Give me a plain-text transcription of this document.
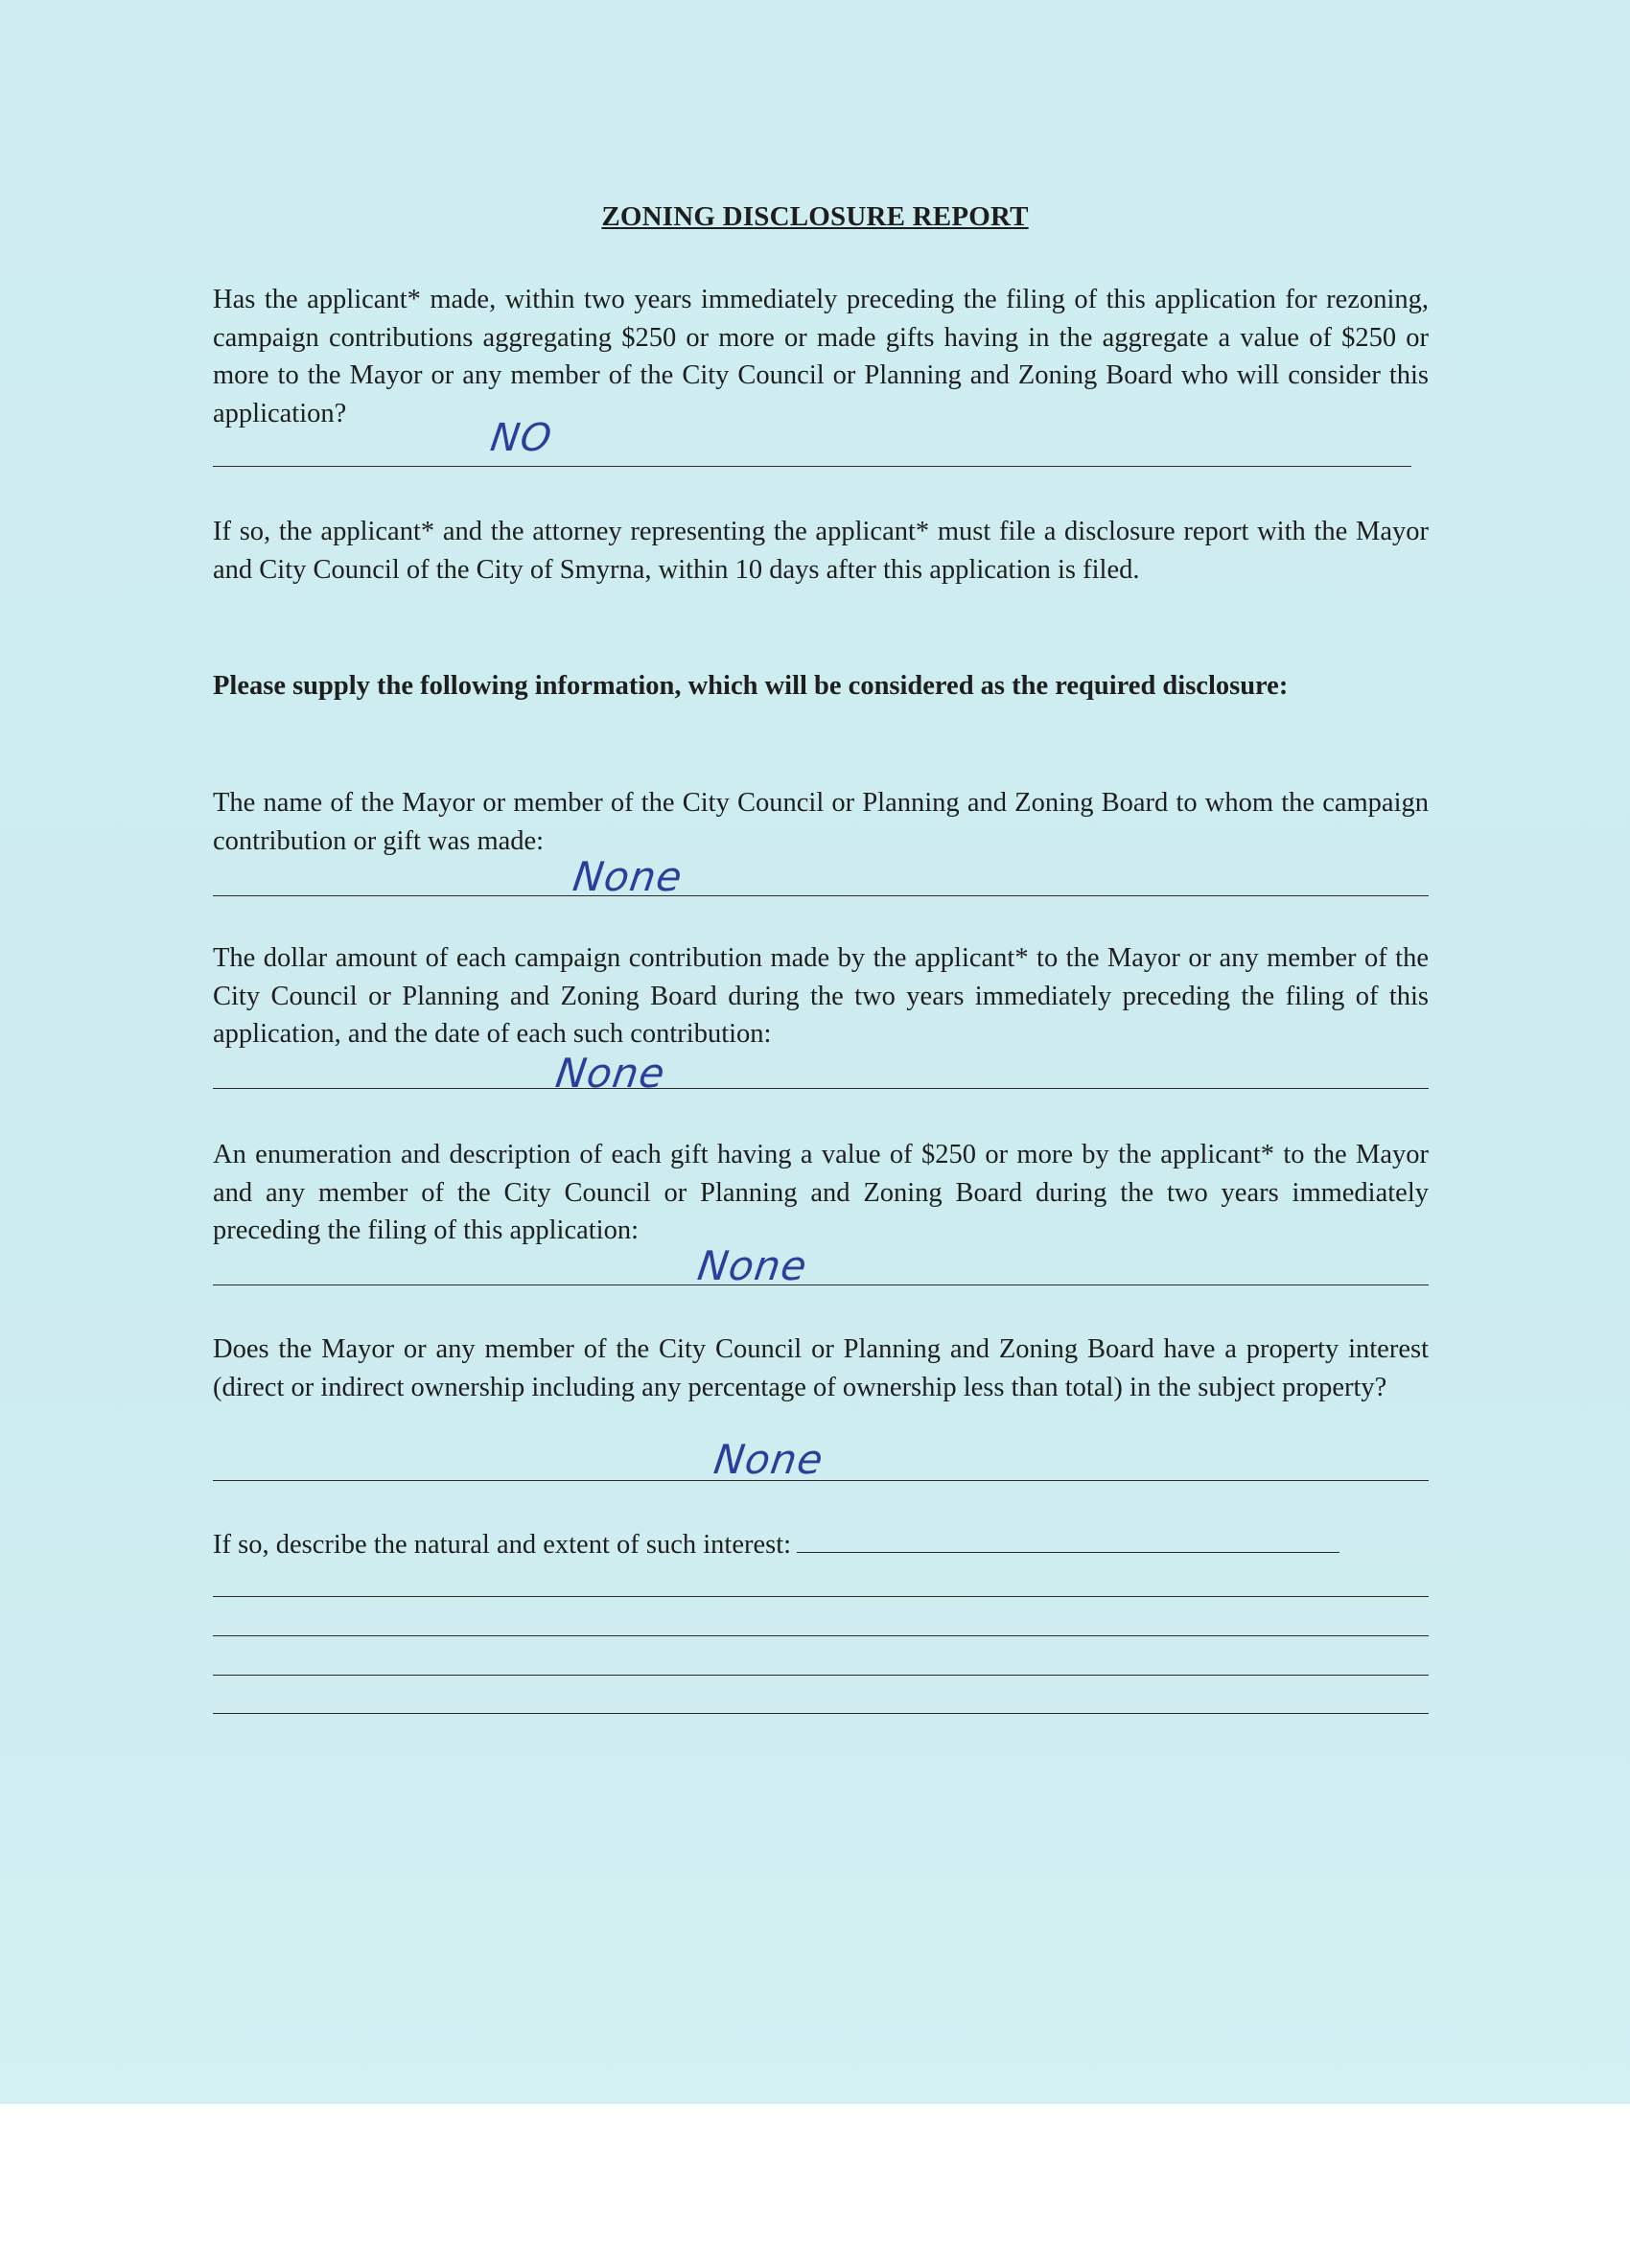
ZONING DISCLOSURE REPORT
Has the applicant* made, within two years immediately preceding the filing of this application for rezoning, campaign contributions aggregating $250 or more or made gifts having in the aggregate a value of $250 or more to the Mayor or any member of the City Council or Planning and Zoning Board who will consider this application?
NO
If so, the applicant* and the attorney representing the applicant* must file a disclosure report with the Mayor and City Council of the City of Smyrna, within 10 days after this application is filed.
Please supply the following information, which will be considered as the required disclosure:
The name of the Mayor or member of the City Council or Planning and Zoning Board to whom the campaign contribution or gift was made:
None
The dollar amount of each campaign contribution made by the applicant* to the Mayor or any member of the City Council or Planning and Zoning Board during the two years immediately preceding the filing of this application, and the date of each such contribution:
None
An enumeration and description of each gift having a value of $250 or more by the applicant* to the Mayor and any member of the City Council or Planning and Zoning Board during the two years immediately preceding the filing of this application:
None
Does the Mayor or any member of the City Council or Planning and Zoning Board have a property interest (direct or indirect ownership including any percentage of ownership less than total) in the subject property?
None
If so, describe the natural and extent of such interest:
